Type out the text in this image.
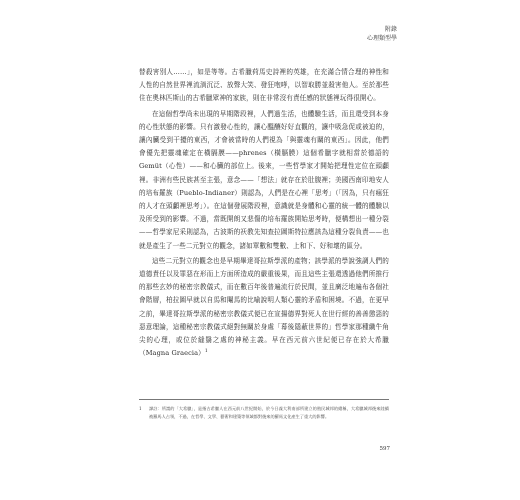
附錄
心理類型學

替殺害別人……」，如是等等。古希臘荷馬史詩裡的英雄，在充滿合情合理的神性和人性的自然世界裡流淌沉泛、放聲大笑、發狂咆哮，以智取勝並殺害他人。至於那些住在奧林匹斯山的古希臘眾神的家族，則在非常沒有責任感的狀態裡玩得很開心。

在這個哲學尚未出現的早期階段裡，人們過生活，也體驗生活，而且還受到本身的心性狀態的影響。只有激發心性的，讓心醞釀好好直觀的，讓中吸急促或被迫的，讓內臟受到干擾的東西，才會被當時的人們視為「與靈魂有關的東西」。因此，他們會優先把靈魂確定在橫膈膜——phrenes（橫膈膜）這個希臘字就相當於德語的 Gemüt（心性）——和心臟的部位上。後來，一些哲學家才開始把理性定位在頭顱裡。非洲有些民族甚至主張，意念——「想法」就存在於肚腹裡；美國西南印地安人的培布羅族（Pueblo-Indianer）則認為，人們是在心裡「思考」（「因為，只有瘋狂的人才在頭顱裡思考」）。在這個發展階段裡，意識就是身體和心靈的統一體的體驗以及所受到的影響。不過，當既開朗又悲傷的培布羅族開始思考時，便構想出一種分裂——哲學家尼采則認為，古波斯的祆教先知查拉圖斯特拉應該為這種分裂負責——也就是產生了一些二元對立的觀念，諸如單數和雙數、上和下、好和壞的區分。

這些二元對立的觀念也是早期畢達哥拉斯學派的產物；該學派的學說強調人們的道德責任以及罪惡在形而上方面所造成的嚴重後果，而且這些主張還透過他們所推行的那些玄妙的秘密宗教儀式，而在數百年後普遍流行於民間，並且廣泛地遍布各個社會階層，柏拉圖早就以自馬和閹馬的比喻說明人類心靈的矛盾和困境。不過，在更早之前，畢達哥拉斯學派的秘密宗教儀式便已在宣揚德界對死人在世行經的善善懲惡的惡意理論，這種秘密宗教儀式絕對無關於身處「幕後隱蔽世界的」哲學家那種纖牛角尖的心理，或位於縫翳之處的神秘主義。早在西元前六世紀便已存在於大希臘（Magna Graecia）$^1$

1	譯註：所謂的「大希臘」，是指古希臘人在西元前八世紀開始，於今日義大利南部所建立的殖民城邦的總稱，大希臘城邦後來陸續被羅馬人占領，不過，在哲學、文學、藝術和建築等領域都對後來的羅馬文化產生了重大的影響。
597
